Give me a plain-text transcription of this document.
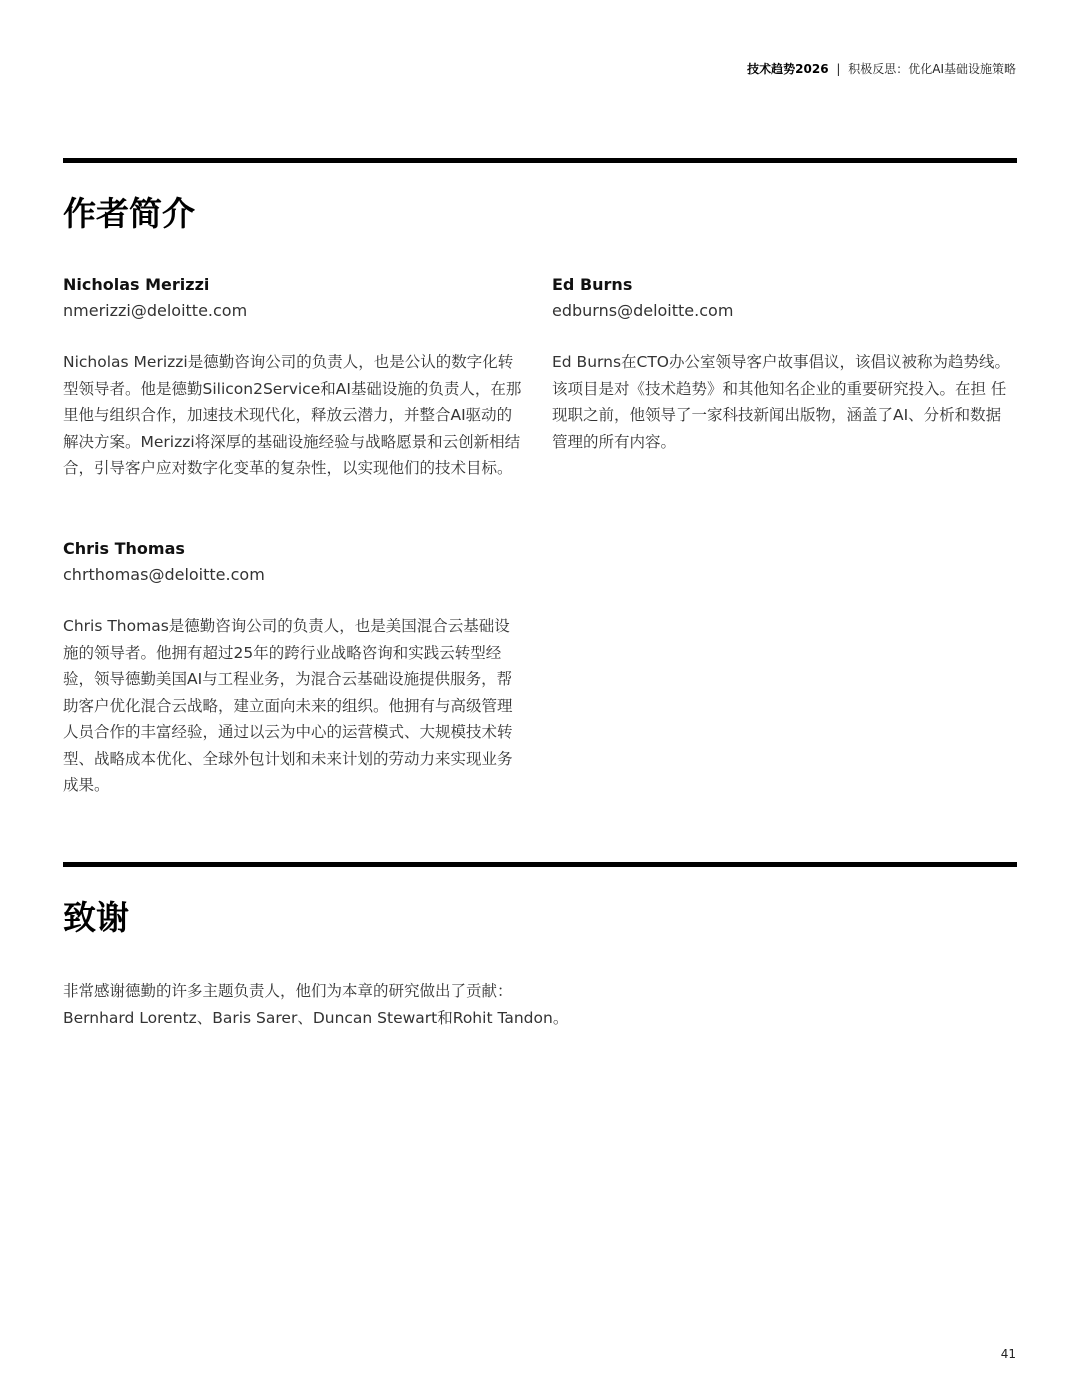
技术趋势2026 | 积极反思：优化AI基础设施策略
作者简介

Nicholas Merizzi

nmerizzi@deloitte.com

Nicholas Merizzi是德勤咨询公司的负责人，也是公认的数字化转型领导者。他是德勤Silicon2Service和AI基础设施的负责人，在那里他与组织合作，加速技术现代化，释放云潜力，并整合AI驱动的解决方案。Merizzi将深厚的基础设施经验与战略愿景和云创新相结合，引导客户应对数字化变革的复杂性，以实现他们的技术目标。

Ed Burns

edburns@deloitte.com

Ed Burns在CTO办公室领导客户故事倡议，该倡议被称为趋势线。该项目是对《技术趋势》和其他知名企业的重要研究投入。在担 任现职之前，他领导了一家科技新闻出版物，涵盖了AI、分析和数据管理的所有内容。

Chris Thomas

chrthomas@deloitte.com

Chris Thomas是德勤咨询公司的负责人，也是美国混合云基础设施的领导者。他拥有超过25年的跨行业战略咨询和实践云转型经验，领导德勤美国AI与工程业务，为混合云基础设施提供服务，帮助客户优化混合云战略，建立面向未来的组织。他拥有与高级管理人员合作的丰富经验，通过以云为中心的运营模式、大规模技术转型、战略成本优化、全球外包计划和未来计划的劳动力来实现业务成果。

致谢
非常感谢德勤的许多主题负责人，他们为本章的研究做出了贡献：
Bernhard Lorentz、Baris Sarer、Duncan Stewart和Rohit Tandon。
41
